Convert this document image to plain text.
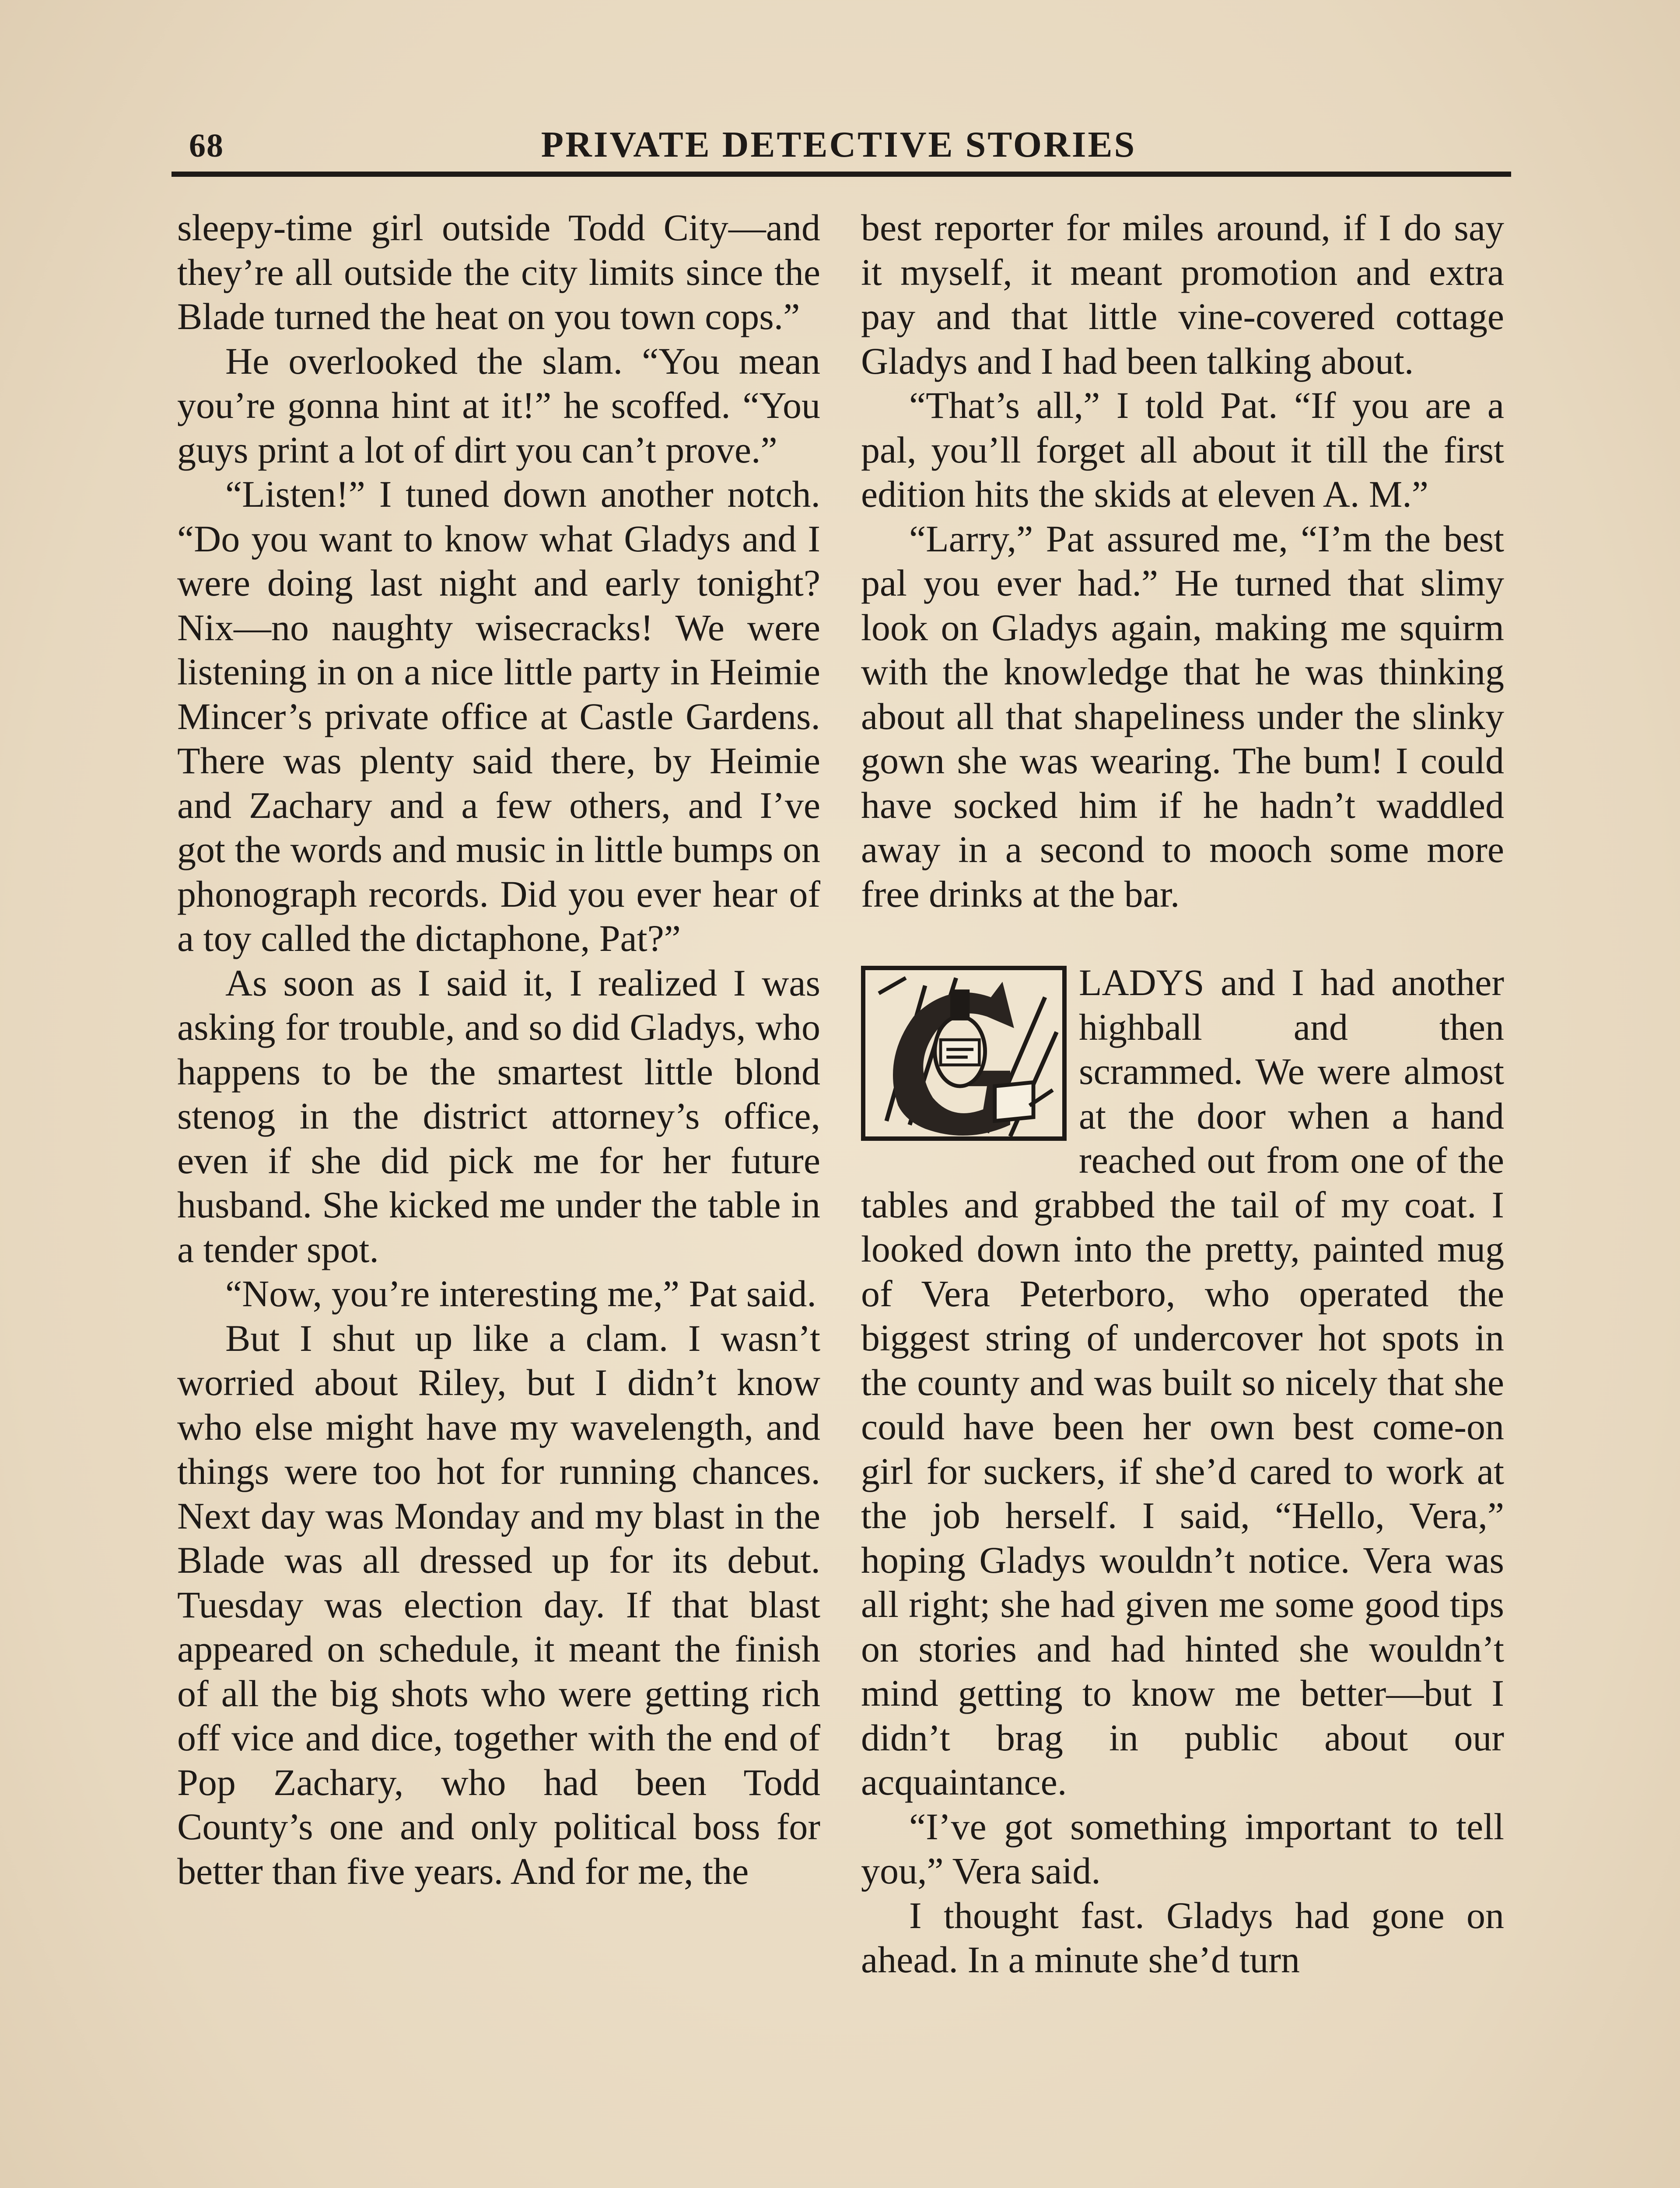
68	PRIVATE DETECTIVE STORIES

sleepy-time girl outside Todd City—and they’re all outside the city limits since the Blade turned the heat on you town cops.”

He overlooked the slam. “You mean you’re gonna hint at it!” he scoffed. “You guys print a lot of dirt you can’t prove.”

“Listen!” I tuned down another notch. “Do you want to know what Gladys and I were doing last night and early tonight? Nix—no naughty wisecracks! We were listening in on a nice little party in Heimie Mincer’s private office at Castle Gardens. There was plenty said there, by Heimie and Zachary and a few others, and I’ve got the words and music in little bumps on phonograph records. Did you ever hear of a toy called the dictaphone, Pat?”

As soon as I said it, I realized I was asking for trouble, and so did Gladys, who happens to be the smartest little blond stenog in the district attorney’s office, even if she did pick me for her future husband. She kicked me under the table in a tender spot.

“Now, you’re interesting me,” Pat said.

But I shut up like a clam. I wasn’t worried about Riley, but I didn’t know who else might have my wavelength, and things were too hot for running chances. Next day was Monday and my blast in the Blade was all dressed up for its debut. Tuesday was election day. If that blast appeared on schedule, it meant the finish of all the big shots who were getting rich off vice and dice, together with the end of Pop Zachary, who had been Todd County’s one and only political boss for better than five years. And for me, the

best reporter for miles around, if I do say it myself, it meant promotion and extra pay and that little vine-covered cottage Gladys and I had been talking about.

“That’s all,” I told Pat. “If you are a pal, you’ll forget all about it till the first edition hits the skids at eleven A. M.”

“Larry,” Pat assured me, “I’m the best pal you ever had.” He turned that slimy look on Gladys again, making me squirm with the knowledge that he was thinking about all that shapeliness under the slinky gown she was wearing. The bum! I could have socked him if he hadn’t waddled away in a second to mooch some more free drinks at the bar.

LADYS and I had another highball and then scrammed. We were almost at the door when a hand reached out from one of the tables and grabbed the tail of my coat. I looked down into the pretty, painted mug of Vera Peterboro, who operated the biggest string of undercover hot spots in the county and was built so nicely that she could have been her own best come-on girl for suckers, if she’d cared to work at the job herself. I said, “Hello, Vera,” hoping Gladys wouldn’t notice. Vera was all right; she had given me some good tips on stories and had hinted she wouldn’t mind getting to know me better—but I didn’t brag in public about our acquaintance.

“I’ve got something important to tell you,” Vera said.

I thought fast. Gladys had gone on ahead. In a minute she’d turn
